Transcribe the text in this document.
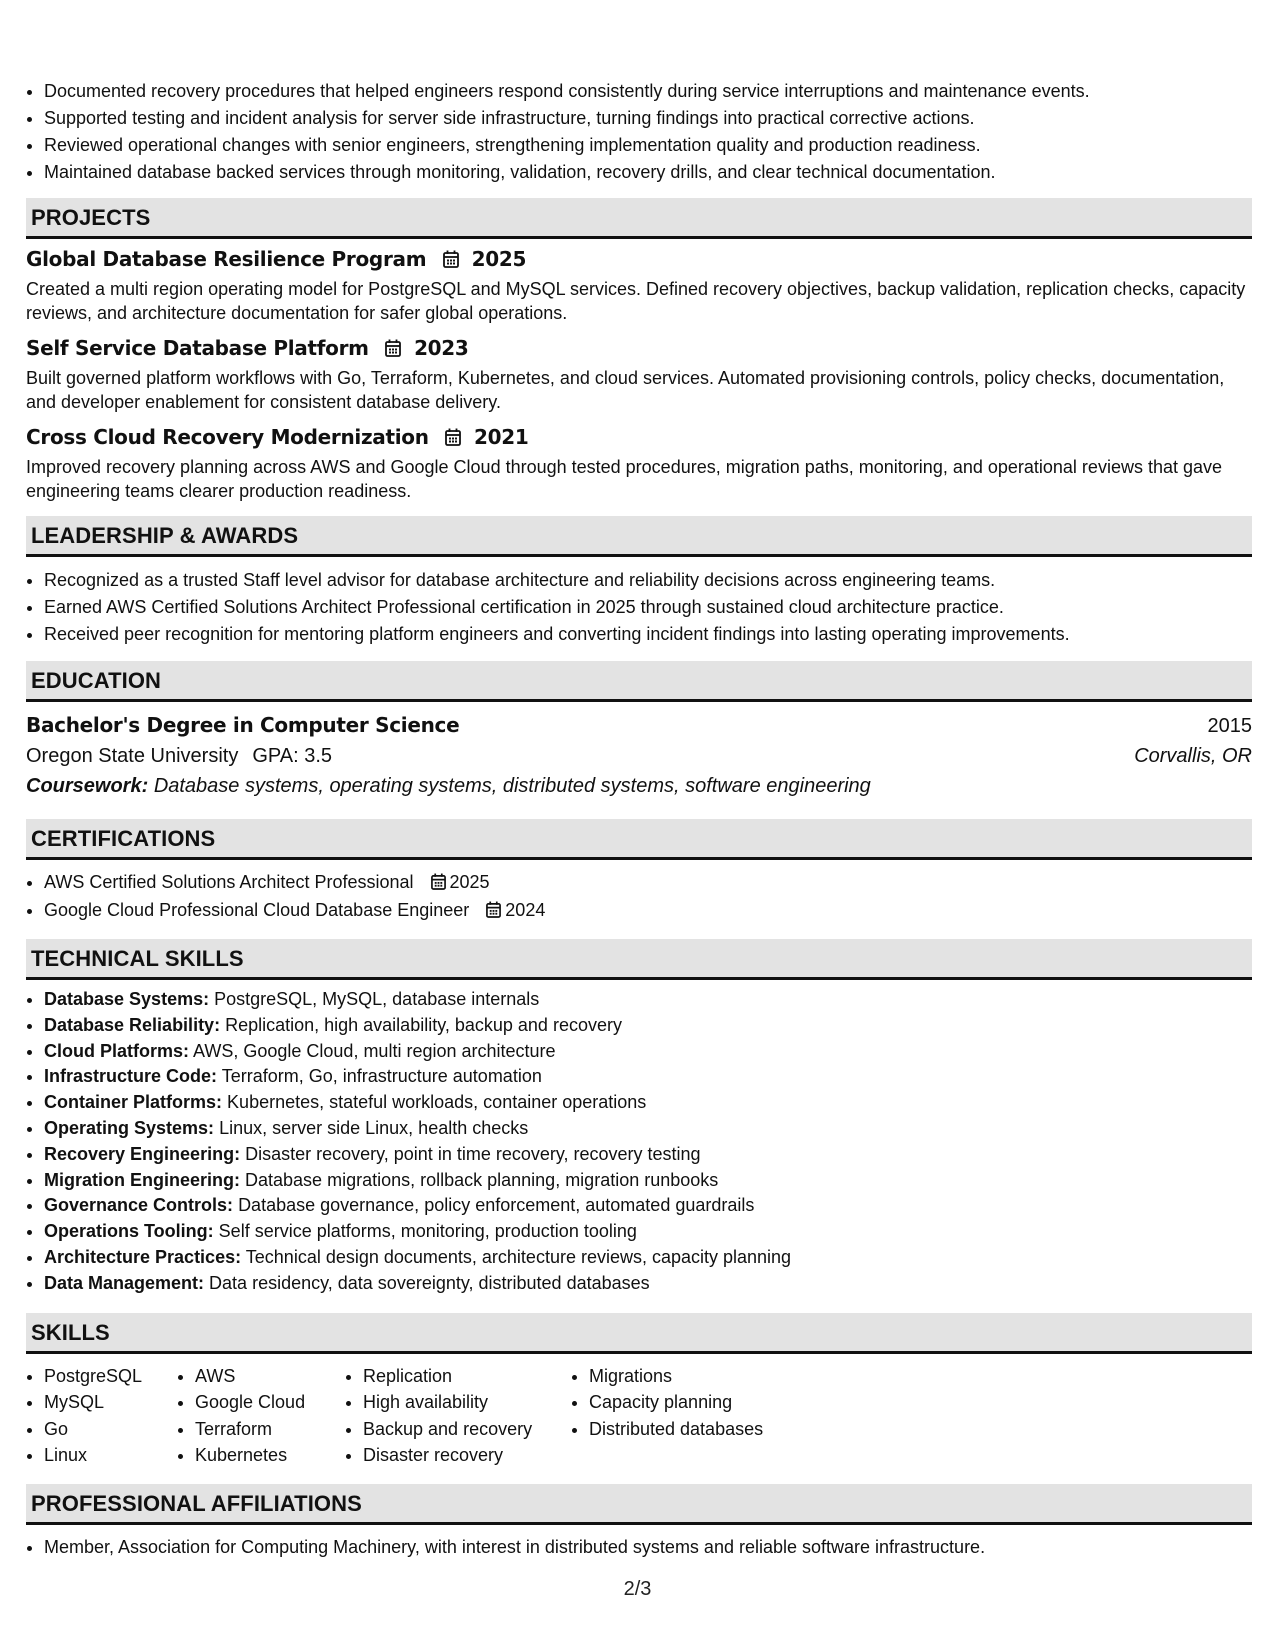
• Documented recovery procedures that helped engineers respond consistently during service interruptions and maintenance events.
• Supported testing and incident analysis for server side infrastructure, turning findings into practical corrective actions.
• Reviewed operational changes with senior engineers, strengthening implementation quality and production readiness.
• Maintained database backed services through monitoring, validation, recovery drills, and clear technical documentation.
PROJECTS
Global Database Resilience Program 2025
Created a multi region operating model for PostgreSQL and MySQL services. Defined recovery objectives, backup validation, replication checks, capacity reviews, and architecture documentation for safer global operations.
Self Service Database Platform 2023
Built governed platform workflows with Go, Terraform, Kubernetes, and cloud services. Automated provisioning controls, policy checks, documentation, and developer enablement for consistent database delivery.
Cross Cloud Recovery Modernization 2021
Improved recovery planning across AWS and Google Cloud through tested procedures, migration paths, monitoring, and operational reviews that gave engineering teams clearer production readiness.
LEADERSHIP & AWARDS
• Recognized as a trusted Staff level advisor for database architecture and reliability decisions across engineering teams.
• Earned AWS Certified Solutions Architect Professional certification in 2025 through sustained cloud architecture practice.
• Received peer recognition for mentoring platform engineers and converting incident findings into lasting operating improvements.
EDUCATION
Bachelor's Degree in Computer Science	2015
Oregon State University GPA: 3.5	Corvallis, OR
Coursework: Database systems, operating systems, distributed systems, software engineering
CERTIFICATIONS
• AWS Certified Solutions Architect Professional 2025
• Google Cloud Professional Cloud Database Engineer 2024
TECHNICAL SKILLS
• Database Systems: PostgreSQL, MySQL, database internals
• Database Reliability: Replication, high availability, backup and recovery
• Cloud Platforms: AWS, Google Cloud, multi region architecture
• Infrastructure Code: Terraform, Go, infrastructure automation
• Container Platforms: Kubernetes, stateful workloads, container operations
• Operating Systems: Linux, server side Linux, health checks
• Recovery Engineering: Disaster recovery, point in time recovery, recovery testing
• Migration Engineering: Database migrations, rollback planning, migration runbooks
• Governance Controls: Database governance, policy enforcement, automated guardrails
• Operations Tooling: Self service platforms, monitoring, production tooling
• Architecture Practices: Technical design documents, architecture reviews, capacity planning
• Data Management: Data residency, data sovereignty, distributed databases
SKILLS
• PostgreSQL
• MySQL
• Go
• Linux
• AWS
• Google Cloud
• Terraform
• Kubernetes
• Replication
• High availability
• Backup and recovery
• Disaster recovery
• Migrations
• Capacity planning
• Distributed databases
PROFESSIONAL AFFILIATIONS
• Member, Association for Computing Machinery, with interest in distributed systems and reliable software infrastructure.
2/3
